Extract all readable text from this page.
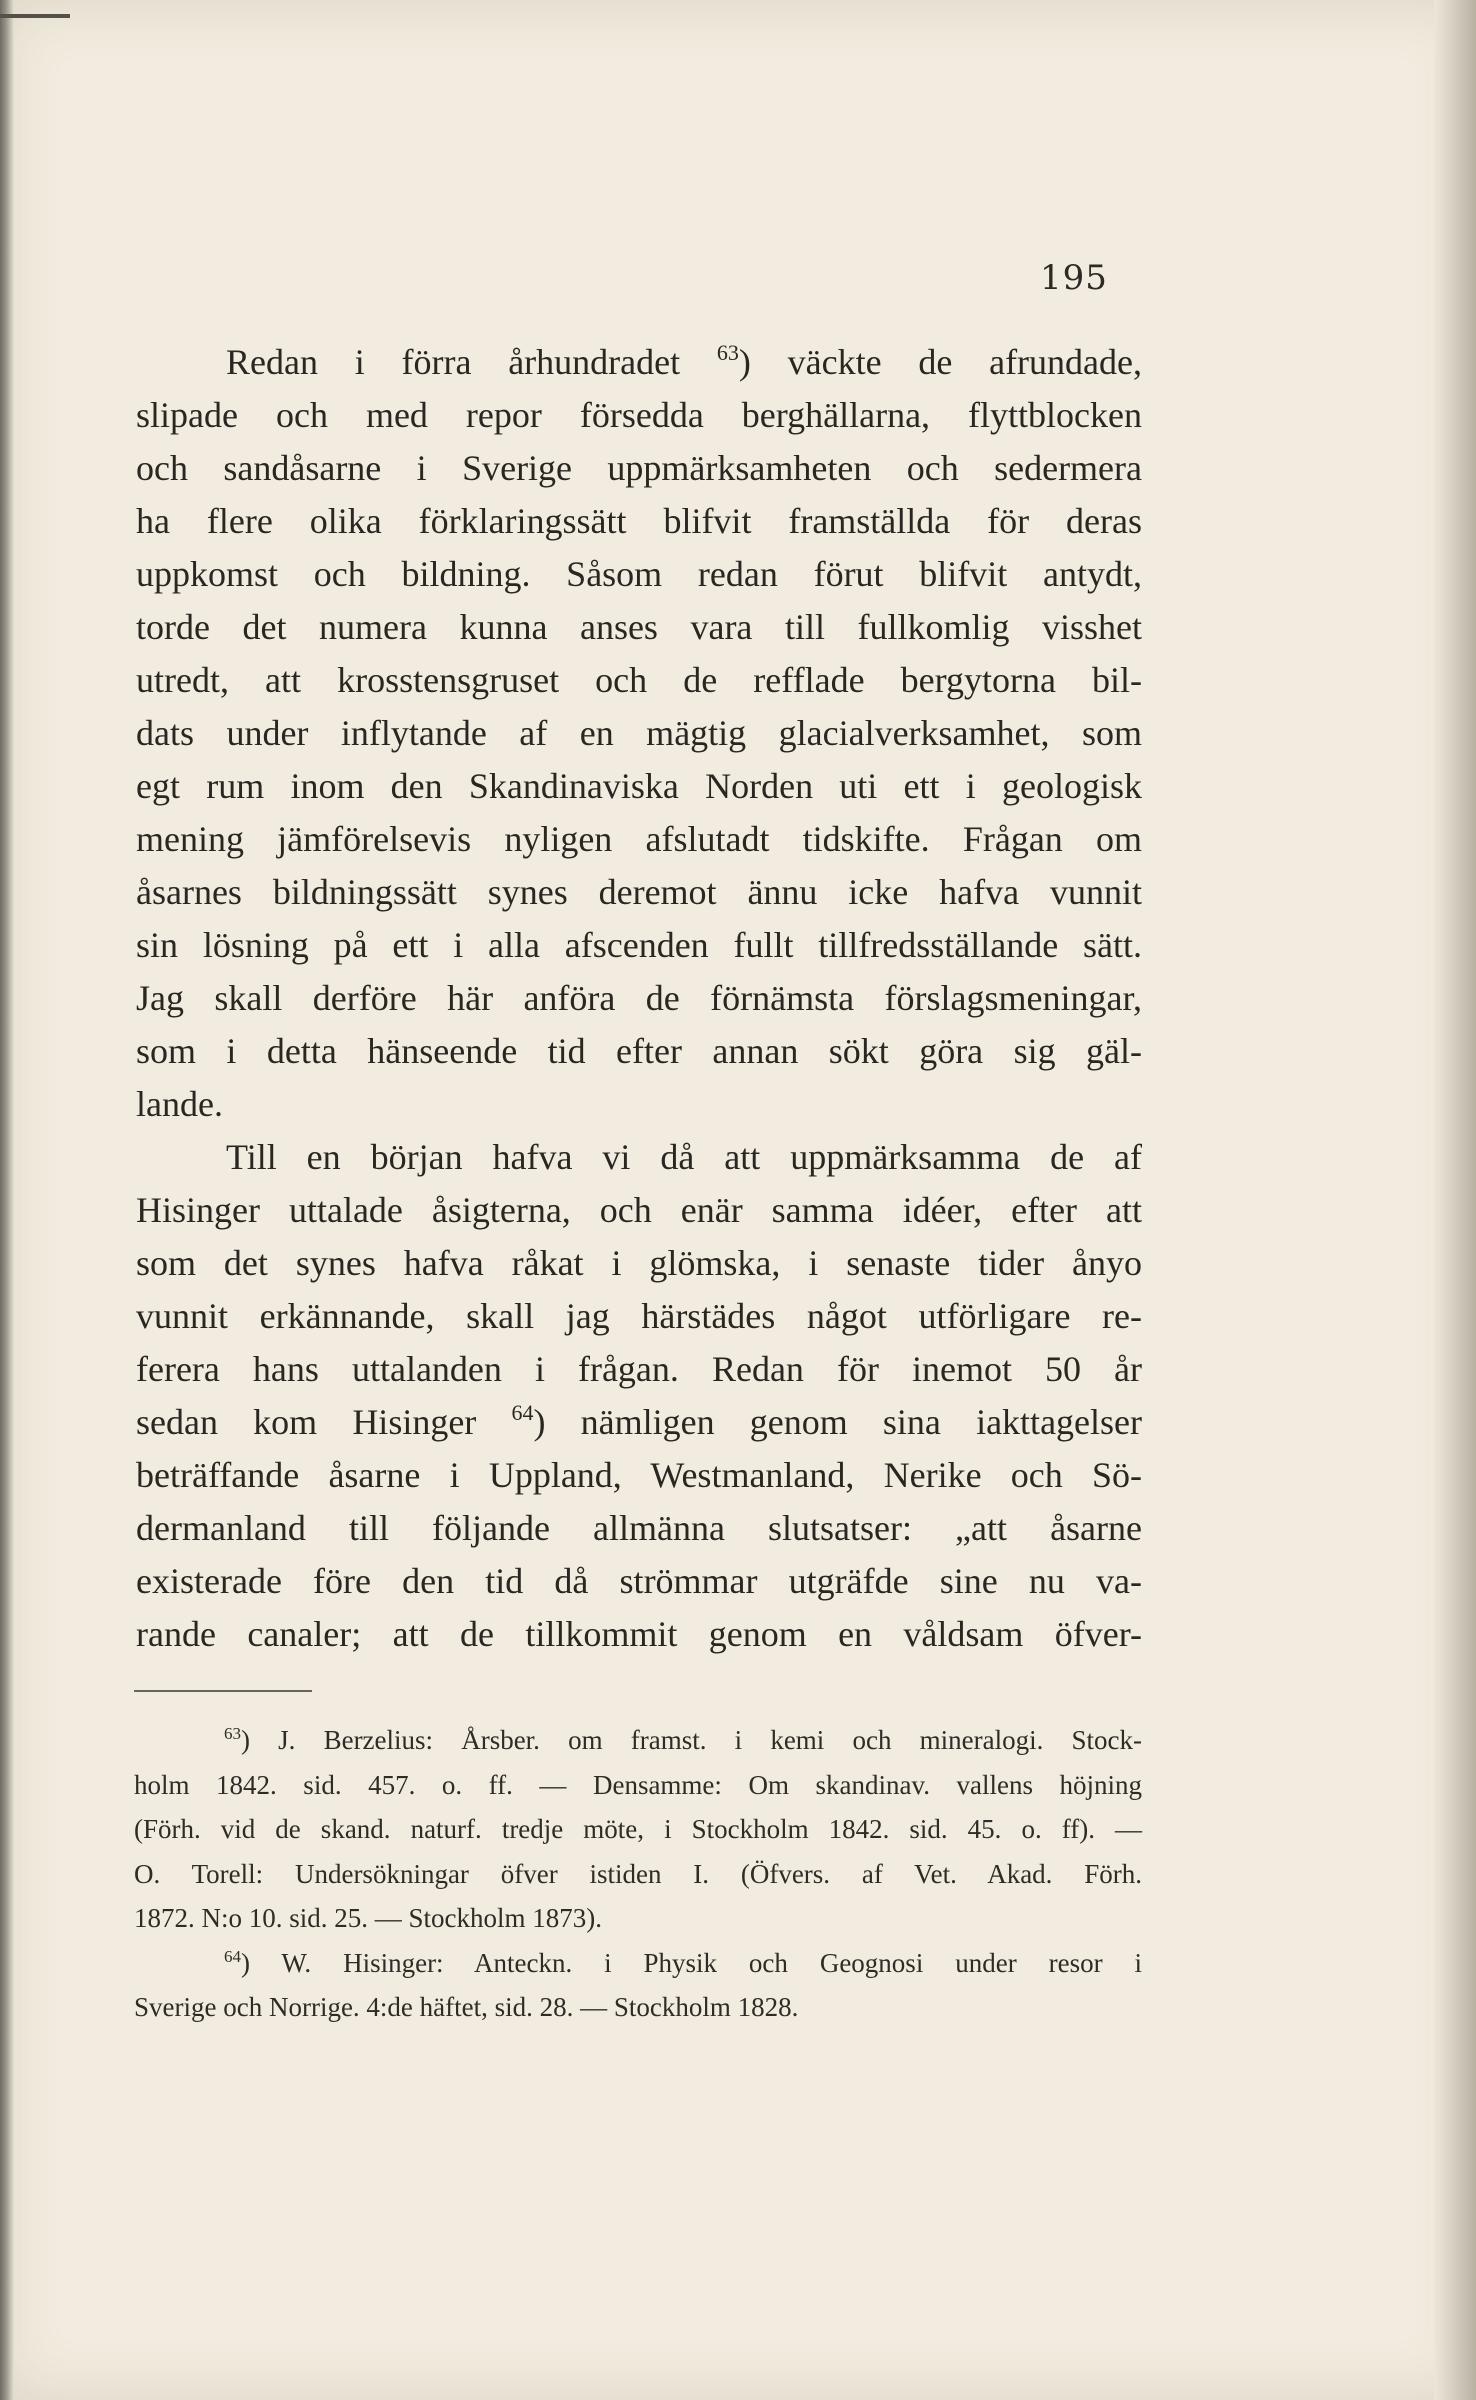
195
Redan i förra århundradet $^{63}$) väckte de afrundade,
slipade och med repor försedda berghällarna, flyttblocken
och sandåsarne i Sverige uppmärksamheten och sedermera
ha flere olika förklaringssätt blifvit framställda för deras
uppkomst och bildning. Såsom redan förut blifvit antydt,
torde det numera kunna anses vara till fullkomlig visshet
utredt, att krosstensgruset och de refflade bergytorna bil-
dats under inflytande af en mägtig glacialverksamhet, som
egt rum inom den Skandinaviska Norden uti ett i geologisk
mening jämförelsevis nyligen afslutadt tidskifte. Frågan om
åsarnes bildningssätt synes deremot ännu icke hafva vunnit
sin lösning på ett i alla afscenden fullt tillfredsställande sätt.
Jag skall derföre här anföra de förnämsta förslagsmeningar,
som i detta hänseende tid efter annan sökt göra sig gäl-
lande.
Till en början hafva vi då att uppmärksamma de af
Hisinger uttalade åsigterna, och enär samma idéer, efter att
som det synes hafva råkat i glömska, i senaste tider ånyo
vunnit erkännande, skall jag härstädes något utförligare re-
ferera hans uttalanden i frågan. Redan för inemot 50 år
sedan kom Hisinger $^{64}$) nämligen genom sina iakttagelser
beträffande åsarne i Uppland, Westmanland, Nerike och Sö-
dermanland till följande allmänna slutsatser: „att åsarne
existerade före den tid då strömmar utgräfde sine nu va-
rande canaler; att de tillkommit genom en våldsam öfver-
$^{63}$) J. Berzelius: Årsber. om framst. i kemi och mineralogi. Stock-
holm 1842. sid. 457. o. ff. — Densamme: Om skandinav. vallens höjning
(Förh. vid de skand. naturf. tredje möte, i Stockholm 1842. sid. 45. o. ff). —
O. Torell: Undersökningar öfver istiden I. (Öfvers. af Vet. Akad. Förh.
1872. N:o 10. sid. 25. — Stockholm 1873).
$^{64}$) W. Hisinger: Anteckn. i Physik och Geognosi under resor i
Sverige och Norrige. 4:de häftet, sid. 28. — Stockholm 1828.
